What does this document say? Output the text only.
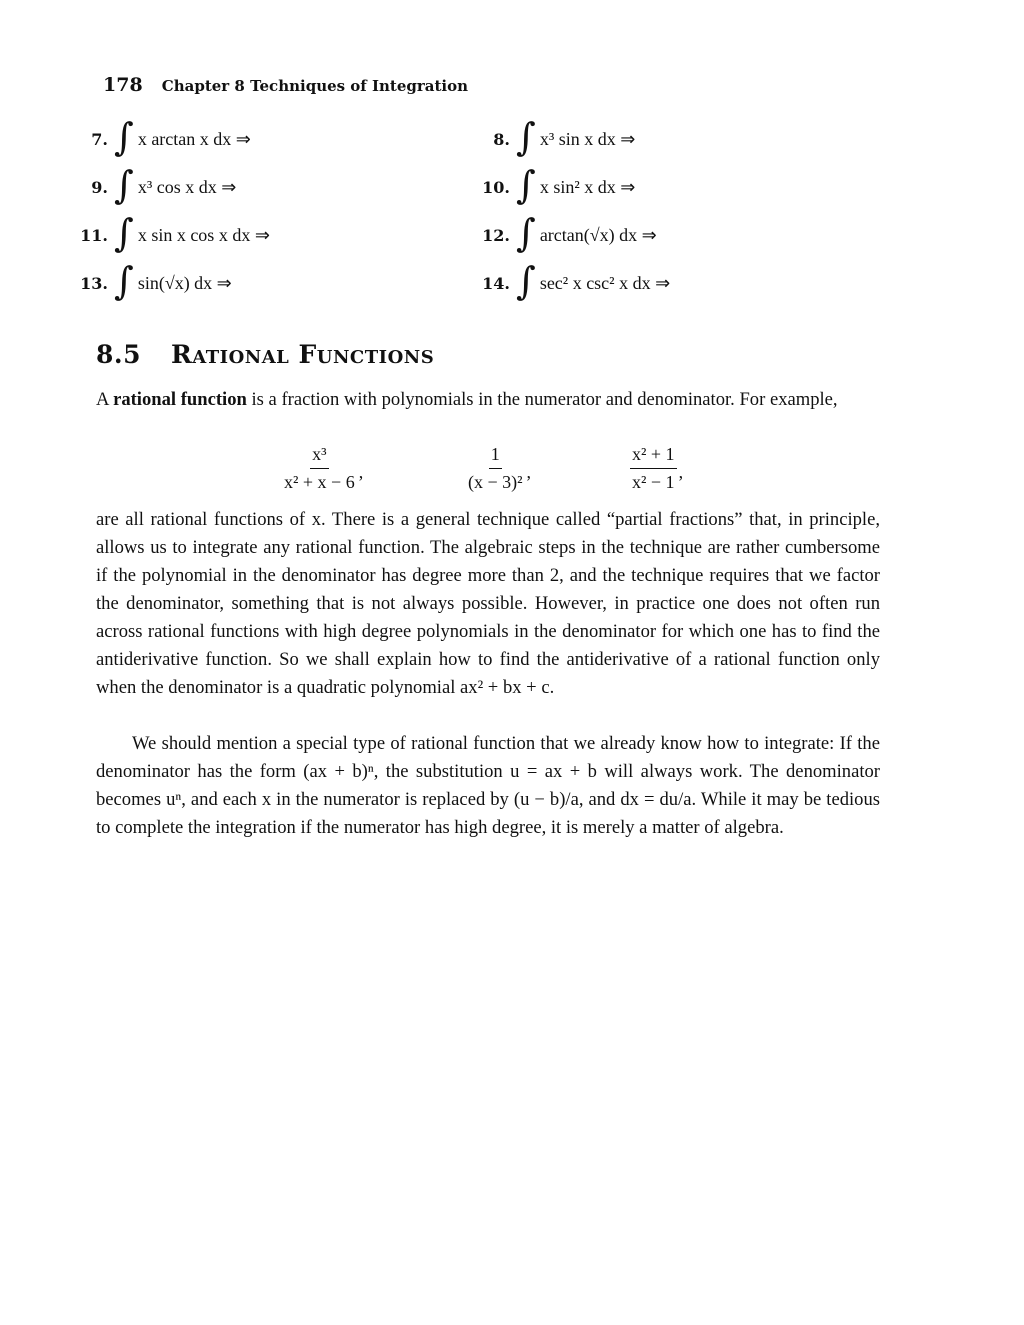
178 Chapter 8 Techniques of Integration
7. ∫ x arctan x dx ⇒	8. ∫ x³ sin x dx ⇒
9. ∫ x³ cos x dx ⇒	10. ∫ x sin² x dx ⇒
11. ∫ x sin x cos x dx ⇒	12. ∫ arctan(√x) dx ⇒
13. ∫ sin(√x) dx ⇒	14. ∫ sec² x csc² x dx ⇒
8.5 Rational Functions

A rational function is a fraction with polynomials in the numerator and denominator. For example,

$\frac{\text{x³}}{\text{x² + x − 6}}$ ,	$\frac{1}{\text{(x − 3)²}}$ ,	$\frac{\text{x² + 1}}{\text{x² − 1}}$ ,

are all rational functions of x. There is a general technique called “partial fractions” that, in principle, allows us to integrate any rational function. The algebraic steps in the technique are rather cumbersome if the polynomial in the denominator has degree more than 2, and the technique requires that we factor the denominator, something that is not always possible. However, in practice one does not often run across rational functions with high degree polynomials in the denominator for which one has to find the antiderivative function. So we shall explain how to find the antiderivative of a rational function only when the denominator is a quadratic polynomial ax² + bx + c.

We should mention a special type of rational function that we already know how to integrate: If the denominator has the form (ax + b)ⁿ, the substitution u = ax + b will always work. The denominator becomes uⁿ, and each x in the numerator is replaced by (u − b)/a, and dx = du/a. While it may be tedious to complete the integration if the numerator has high degree, it is merely a matter of algebra.
